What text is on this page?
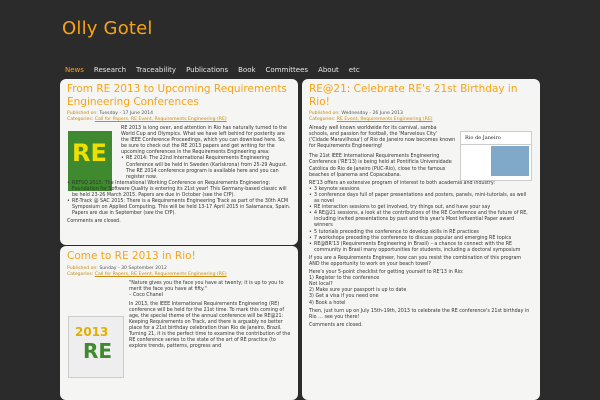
Olly Gotel
News	Research	Traceability	Publications	Book	Committees	About	etc
From RE 2013 to Upcoming Requirements Engineering Conferences
Published on: Tuesday - 17 June 2014
Categories: Call for Papers, RE Event, Requirements Engineering (RE)
RE
RE 2013 is long over, and attention in Rio has naturally turned to the World Cup and Olympics. What we have left behind for posterity are the IEEE Conference Proceedings, which you can download here. So, be sure to check out the RE 2013 papers and get writing for the upcoming conferences in the Requirements Engineering area:
• RE 2014: The 22nd International Requirements Engineering Conference will be held in Sweden (Karlskrona) from 25-29 August. The RE 2014 conference program is available here and you can register now.
• REFSQ 2015: The International Working Conference on Requirements Engineering: Foundation for Software Quality is entering its 21st year! This Germany-based classic will be held 23-26 March 2015. Papers are due in October (see the CfP).
• RE-Track @ SAC 2015: There is a Requirements Engineering Track as part of the 30th ACM Symposium on Applied Computing. This will be held 13-17 April 2015 in Salamanca, Spain. Papers are due in September (see the CfP).
Comments are closed.
Come to RE 2013 in Rio!
Published on: Sunday - 30 September 2012
Categories: Call for Papers, RE Event, Requirements Engineering (RE)
2013
RE
"Nature gives you the face you have at twenty; it is up to you to merit the face you have at fifty."
– Coco Chanel
In 2013, the IEEE International Requirements Engineering (RE) conference will be held for the 21st time. To mark this coming of age, the special theme of the annual conference will be RE@21: Keeping Requirements on Track, and there is arguably no better place for a 21st birthday celebration than Rio de Janeiro, Brazil. Turning 21, it is the perfect time to examine the contribution of the RE conference series to the state of the art of RE practice (to explore trends, patterns, progress and
RE@21: Celebrate RE's 21st Birthday in Rio!
Published on: Wednesday - 26 June 2013
Categories: RE Event, Requirements Engineering (RE)
Rio de Janeiro
Already well known worldwide for its carnival, samba schools, and passion for football, the 'Marvelous City' ('Cidade Maravilhosa') of Rio de Janeiro now becomes known for Requirements Engineering!
The 21st IEEE International Requirements Engineering Conference ('RE'13) is being held at Pontifícia Universidade Católica do Rio de Janeiro (PUC-Rio), close to the famous beaches of Ipanema and Copacabana.
RE'13 offers an extensive program of interest to both academia and industry:
• 3 keynote sessions
• 3 conference days full of paper presentations and posters, panels, mini-tutorials, as well as novel
• RE interaction sessions to get involved, try things out, and have your say
• 4 RE@21 sessions, a look at the contributions of the RE Conference and the future of RE, including invited presentations by past and this year's Most Influential Paper award winners
• 5 tutorials preceding the conference to develop skills in RE practices
• 7 workshops preceding the conference to discuss popular and emerging RE topics
• RE@BR'13 (Requirements Engineering in Brasil) – a chance to connect with the RE community in Brasil many opportunities for students, including a doctoral symposium
If you are a Requirements Engineer, how can you resist the combination of this program AND the opportunity to work on your beach towel?
Here's your 5-point checklist for getting yourself to RE'13 in Rio:
1) Register to the conference
Not local?
2) Make sure your passport is up to date
3) Get a visa if you need one
4) Book a hotel
Then, just turn up on July 15th-19th, 2013 to celebrate the RE conference's 21st birthday in Rio … see you there!
Comments are closed.
